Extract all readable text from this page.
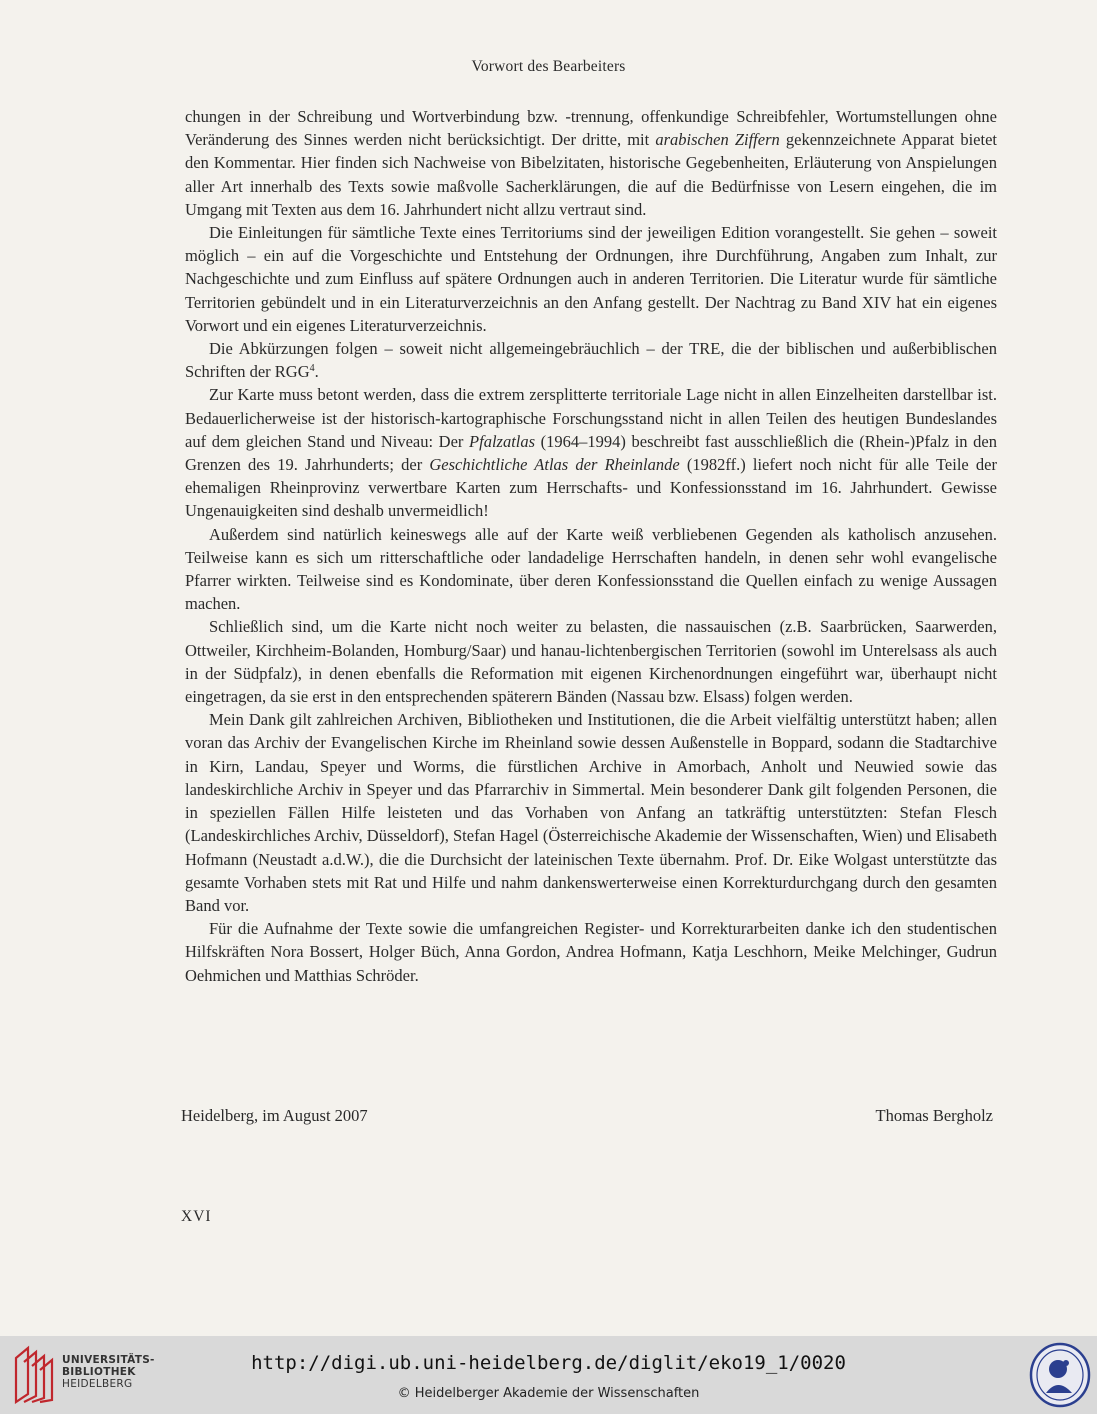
Vorwort des Bearbeiters

chungen in der Schreibung und Wortverbindung bzw. -trennung, offenkundige Schreibfehler, Wortumstellungen ohne Veränderung des Sinnes werden nicht berücksichtigt. Der dritte, mit arabischen Ziffern gekennzeichnete Apparat bietet den Kommentar. Hier finden sich Nachweise von Bibelzitaten, historische Gegebenheiten, Erläuterung von Anspielungen aller Art innerhalb des Texts sowie maßvolle Sacherklärungen, die auf die Bedürfnisse von Lesern eingehen, die im Umgang mit Texten aus dem 16. Jahrhundert nicht allzu vertraut sind.

Die Einleitungen für sämtliche Texte eines Territoriums sind der jeweiligen Edition vorangestellt. Sie gehen – soweit möglich – ein auf die Vorgeschichte und Entstehung der Ordnungen, ihre Durchführung, Angaben zum Inhalt, zur Nachgeschichte und zum Einfluss auf spätere Ordnungen auch in anderen Territorien. Die Literatur wurde für sämtliche Territorien gebündelt und in ein Literaturverzeichnis an den Anfang gestellt. Der Nachtrag zu Band XIV hat ein eigenes Vorwort und ein eigenes Literaturverzeichnis.

Die Abkürzungen folgen – soweit nicht allgemeingebräuchlich – der TRE, die der biblischen und außerbiblischen Schriften der RGG$^4$.

Zur Karte muss betont werden, dass die extrem zersplitterte territoriale Lage nicht in allen Einzelheiten darstellbar ist. Bedauerlicherweise ist der historisch-kartographische Forschungsstand nicht in allen Teilen des heutigen Bundeslandes auf dem gleichen Stand und Niveau: Der Pfalzatlas (1964–1994) beschreibt fast ausschließlich die (Rhein-)Pfalz in den Grenzen des 19. Jahrhunderts; der Geschichtliche Atlas der Rheinlande (1982ff.) liefert noch nicht für alle Teile der ehemaligen Rheinprovinz verwertbare Karten zum Herrschafts- und Konfessionsstand im 16. Jahrhundert. Gewisse Ungenauigkeiten sind deshalb unvermeidlich!

Außerdem sind natürlich keineswegs alle auf der Karte weiß verbliebenen Gegenden als katholisch anzusehen. Teilweise kann es sich um ritterschaftliche oder landadelige Herrschaften handeln, in denen sehr wohl evangelische Pfarrer wirkten. Teilweise sind es Kondominate, über deren Konfessionsstand die Quellen einfach zu wenige Aussagen machen.

Schließlich sind, um die Karte nicht noch weiter zu belasten, die nassauischen (z.B. Saarbrücken, Saarwerden, Ottweiler, Kirchheim-Bolanden, Homburg/Saar) und hanau-lichtenbergischen Territorien (sowohl im Unterelsass als auch in der Südpfalz), in denen ebenfalls die Reformation mit eigenen Kirchenordnungen eingeführt war, überhaupt nicht eingetragen, da sie erst in den entsprechenden späterern Bänden (Nassau bzw. Elsass) folgen werden.

Mein Dank gilt zahlreichen Archiven, Bibliotheken und Institutionen, die die Arbeit vielfältig unterstützt haben; allen voran das Archiv der Evangelischen Kirche im Rheinland sowie dessen Außenstelle in Boppard, sodann die Stadtarchive in Kirn, Landau, Speyer und Worms, die fürstlichen Archive in Amorbach, Anholt und Neuwied sowie das landeskirchliche Archiv in Speyer und das Pfarrarchiv in Simmertal. Mein besonderer Dank gilt folgenden Personen, die in speziellen Fällen Hilfe leisteten und das Vorhaben von Anfang an tatkräftig unterstützten: Stefan Flesch (Landeskirchliches Archiv, Düsseldorf), Stefan Hagel (Österreichische Akademie der Wissenschaften, Wien) und Elisabeth Hofmann (Neustadt a.d.W.), die die Durchsicht der lateinischen Texte übernahm. Prof. Dr. Eike Wolgast unterstützte das gesamte Vorhaben stets mit Rat und Hilfe und nahm dankenswerterweise einen Korrekturdurchgang durch den gesamten Band vor.

Für die Aufnahme der Texte sowie die umfangreichen Register- und Korrekturarbeiten danke ich den studentischen Hilfskräften Nora Bossert, Holger Büch, Anna Gordon, Andrea Hofmann, Katja Leschhorn, Meike Melchinger, Gudrun Oehmichen und Matthias Schröder.

Heidelberg, im August 2007	Thomas Bergholz
XVI
UNIVERSITÄTS-
BIBLIOTHEK
HEIDELBERG
http://digi.ub.uni-heidelberg.de/diglit/eko19_1/0020
© Heidelberger Akademie der Wissenschaften
